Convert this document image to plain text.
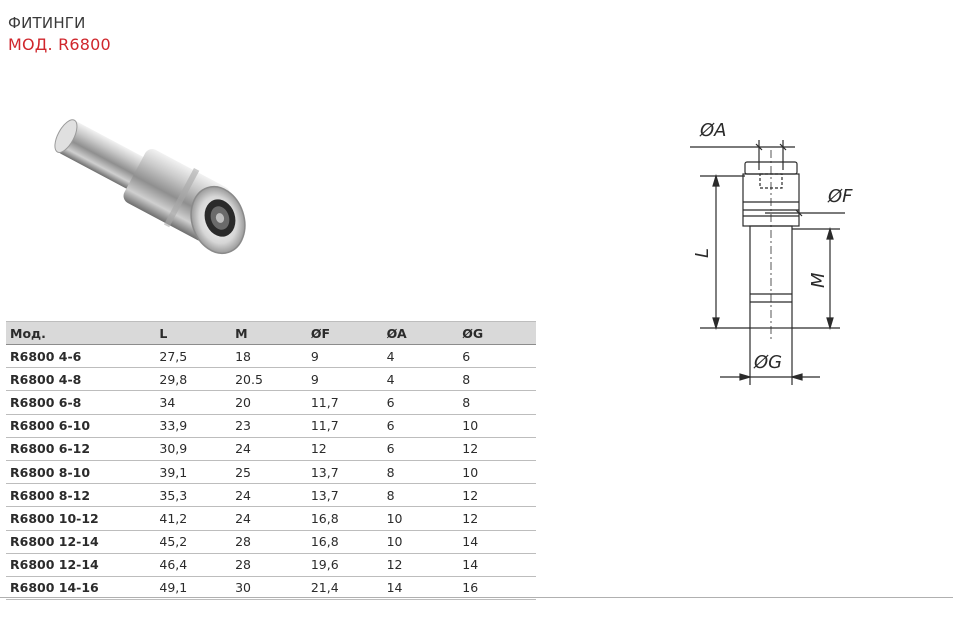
ФИТИНГИ
МОД. R6800
ØA
ØF
L
M
ØG
Мод.	L	M	ØF	ØA	ØG
R6800 4-6	27,5	18	9	4	6
R6800 4-8	29,8	20.5	9	4	8
R6800 6-8	34	20	11,7	6	8
R6800 6-10	33,9	23	11,7	6	10
R6800 6-12	30,9	24	12	6	12
R6800 8-10	39,1	25	13,7	8	10
R6800 8-12	35,3	24	13,7	8	12
R6800 10-12	41,2	24	16,8	10	12
R6800 12-14	45,2	28	16,8	10	14
R6800 12-14	46,4	28	19,6	12	14
R6800 14-16	49,1	30	21,4	14	16
